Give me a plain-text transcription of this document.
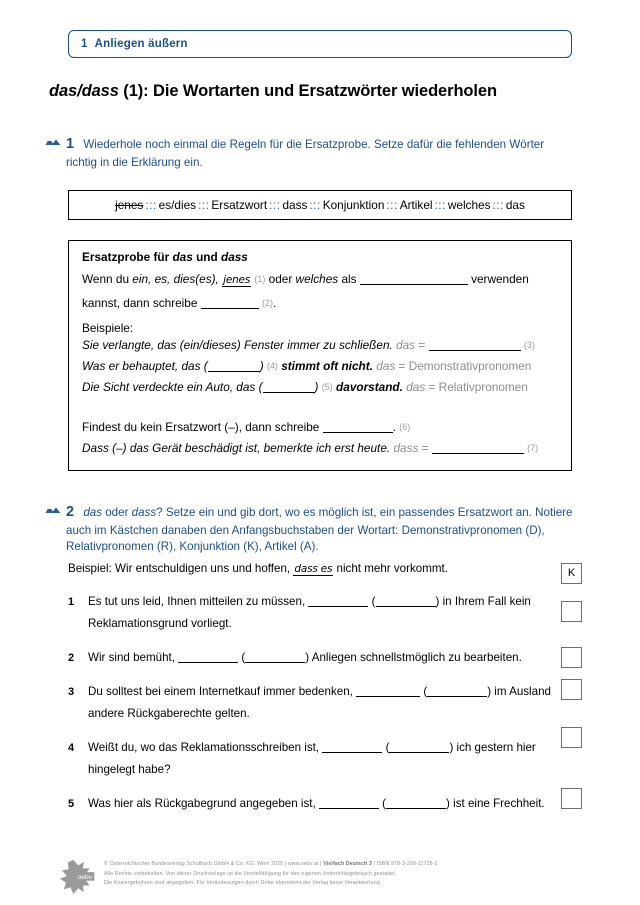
1 Anliegen äußern
das/dass (1): Die Wortarten und Ersatzwörter wiederholen
1 Wiederhole noch einmal die Regeln für die Ersatzprobe. Setze dafür die fehlenden Wörter richtig in die Erklärung ein.
jenes ::: es/dies ::: Ersatzwort ::: dass ::: Konjunktion ::: Artikel ::: welches ::: das
Ersatzprobe für das und dass
Wenn du ein, es, dies(es), jenes (1) oder welches als	verwenden
kannst, dann schreibe	(2).
Beispiele:
Sie verlangte, das (ein/dieses) Fenster immer zu schließen. das =	(3)
Was er behauptet, das (	) (4) stimmt oft nicht. das = Demonstrativpronomen
Die Sicht verdeckte ein Auto, das (	) (5) davorstand. das = Relativpronomen
Findest du kein Ersatzwort (–), dann schreibe	. (6)
Dass (–) das Gerät beschädigt ist, bemerkte ich erst heute. dass =	(7)
2 das oder dass? Setze ein und gib dort, wo es möglich ist, ein passendes Ersatzwort an. Notiere auch im Kästchen danaben den Anfangsbuchstaben der Wortart: Demonstrativpronomen (D), Relativpronomen (R), Konjunktion (K), Artikel (A).
Beispiel: Wir entschuldigen uns und hoffen, dass es nicht mehr vorkommt.
1	Es tut uns leid, Ihnen mitteilen zu müssen,	(	) in Ihrem Fall kein Reklamationsgrund vorliegt.
2	Wir sind bemüht,	(	) Anliegen schnellstmöglich zu bearbeiten.
3	Du solltest bei einem Internetkauf immer bedenken,	(	) im Ausland andere Rückgaberechte gelten.
4	Weißt du, wo das Reklamationsschreiben ist,	(	) ich gestern hier hingelegt habe?
5	Was hier als Rückgabegrund angegeben ist,	(	) ist eine Frechheit.
K
oebv
© Österreichischer Bundesverlag Schulbuch GmbH & Co. KG, Wien 2025 | www.oebv.at | Vielfach Deutsch 3 | ISBN 978-3-209-11728-1
Alle Rechte vorbehalten. Von dieser Druckvorlage ist die Vervielfältigung für den eigenen Unterrichtsgebrauch gestattet.
Die Kopiergebühren sind abgegolten. Für Veränderungen durch Dritte übernimmt der Verlag keine Verantwortung.
